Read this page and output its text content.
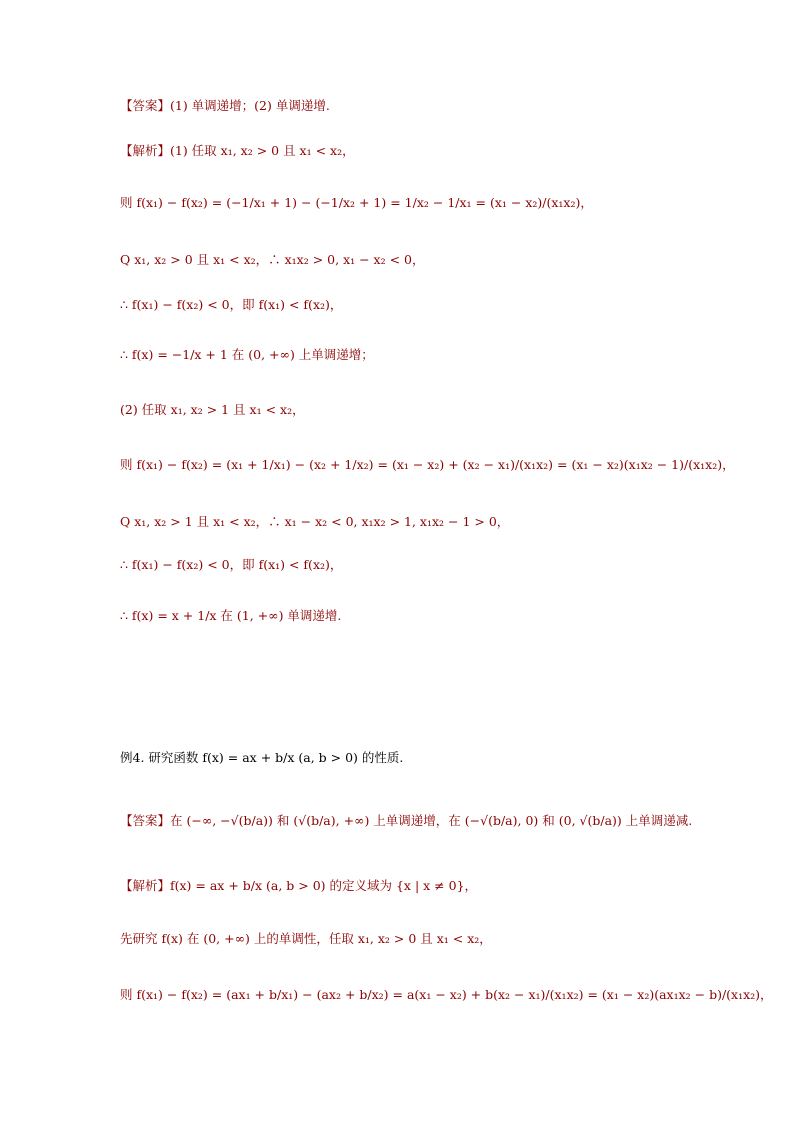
【答案】(1) 单调递增；(2) 单调递增.
【解析】(1) 任取 x₁, x₂ > 0 且 x₁ < x₂，
则 f(x₁) − f(x₂) = (−1/x₁ + 1) − (−1/x₂ + 1) = 1/x₂ − 1/x₁ = (x₁ − x₂)/(x₁x₂)，
Q x₁, x₂ > 0 且 x₁ < x₂，∴ x₁x₂ > 0, x₁ − x₂ < 0，
∴ f(x₁) − f(x₂) < 0，即 f(x₁) < f(x₂)，
∴ f(x) = −1/x + 1 在 (0, +∞) 上单调递增；
(2) 任取 x₁, x₂ > 1 且 x₁ < x₂，
则 f(x₁) − f(x₂) = (x₁ + 1/x₁) − (x₂ + 1/x₂) = (x₁ − x₂) + (x₂ − x₁)/(x₁x₂) = (x₁ − x₂)(x₁x₂ − 1)/(x₁x₂)，
Q x₁, x₂ > 1 且 x₁ < x₂，∴ x₁ − x₂ < 0, x₁x₂ > 1, x₁x₂ − 1 > 0，
∴ f(x₁) − f(x₂) < 0，即 f(x₁) < f(x₂)，
∴ f(x) = x + 1/x 在 (1, +∞) 单调递增.
例4. 研究函数 f(x) = ax + b/x (a, b > 0) 的性质.
【答案】在 (−∞, −√(b/a)) 和 (√(b/a), +∞) 上单调递增，在 (−√(b/a), 0) 和 (0, √(b/a)) 上单调递减.
【解析】f(x) = ax + b/x (a, b > 0) 的定义域为 {x | x ≠ 0}，
先研究 f(x) 在 (0, +∞) 上的单调性，任取 x₁, x₂ > 0 且 x₁ < x₂，
则 f(x₁) − f(x₂) = (ax₁ + b/x₁) − (ax₂ + b/x₂) = a(x₁ − x₂) + b(x₂ − x₁)/(x₁x₂) = (x₁ − x₂)(ax₁x₂ − b)/(x₁x₂)，
